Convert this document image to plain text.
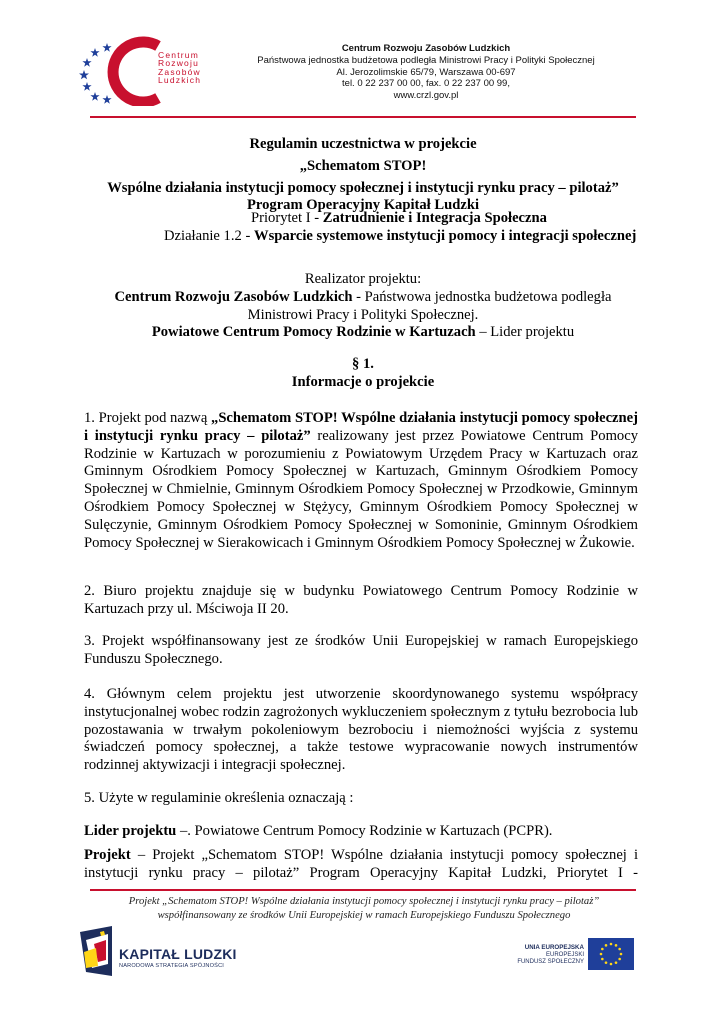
Centrum
Rozwoju
Zasobów
Ludzkich
Centrum Rozwoju Zasobów Ludzkich
Państwowa jednostka budżetowa podległa Ministrowi Pracy i Polityki Społecznej
Al. Jerozolimskie 65/79, Warszawa 00-697
tel. 0 22 237 00 00, fax. 0 22 237 00 99,
www.crzl.gov.pl
Regulamin uczestnictwa w projekcie
„Schematom STOP!
Wspólne działania instytucji pomocy społecznej i instytucji rynku pracy – pilotaż”
Program Operacyjny Kapitał Ludzki
Priorytet I - Zatrudnienie i Integracja Społeczna
Działanie 1.2 - Wsparcie systemowe instytucji pomocy i integracji społecznej
Realizator projektu:
Centrum Rozwoju Zasobów Ludzkich - Państwowa jednostka budżetowa podległa
Ministrowi Pracy i Polityki Społecznej.
Powiatowe Centrum Pomocy Rodzinie w Kartuzach – Lider projektu
§ 1.
Informacje o projekcie
1. Projekt pod nazwą „Schematom STOP! Wspólne działania instytucji pomocy społecznej i instytucji rynku pracy – pilotaż” realizowany jest przez Powiatowe Centrum Pomocy Rodzinie w Kartuzach w porozumieniu z Powiatowym Urzędem Pracy w Kartuzach oraz Gminnym Ośrodkiem Pomocy Społecznej w Kartuzach, Gminnym Ośrodkiem Pomocy Społecznej w Chmielnie, Gminnym Ośrodkiem Pomocy Społecznej w Przodkowie, Gminnym Ośrodkiem Pomocy Społecznej w Stężycy, Gminnym Ośrodkiem Pomocy Społecznej w Sulęczynie, Gminnym Ośrodkiem Pomocy Społecznej w Somoninie, Gminnym Ośrodkiem Pomocy Społecznej w Sierakowicach i Gminnym Ośrodkiem Pomocy Społecznej w Żukowie.
2. Biuro projektu znajduje się w budynku Powiatowego Centrum Pomocy Rodzinie w Kartuzach przy ul. Mściwoja II 20.
3. Projekt współfinansowany jest ze środków Unii Europejskiej w ramach Europejskiego Funduszu Społecznego.
4. Głównym celem projektu jest utworzenie skoordynowanego systemu współpracy instytucjonalnej wobec rodzin zagrożonych wykluczeniem społecznym z tytułu bezrobocia lub pozostawania w trwałym pokoleniowym bezrobociu i niemożności wyjścia z systemu świadczeń pomocy społecznej, a także testowe wypracowanie nowych instrumentów rodzinnej aktywizacji i integracji społecznej.
5. Użyte w regulaminie określenia oznaczają :
Lider projektu –. Powiatowe Centrum Pomocy Rodzinie w Kartuzach (PCPR).
Projekt – Projekt „Schematom STOP! Wspólne działania instytucji pomocy społecznej i
instytucji rynku pracy – pilotaż” Program Operacyjny Kapitał Ludzki, Priorytet I -
Projekt „Schematom STOP! Wspólne działania instytucji pomocy społecznej i instytucji rynku pracy – pilotaż”
współfinansowany ze środków Unii Europejskiej w ramach Europejskiego Funduszu Społecznego
KAPITAŁ LUDZKI
NARODOWA STRATEGIA SPÓJNOŚCI
UNIA EUROPEJSKA
EUROPEJSKI
FUNDUSZ SPOŁECZNY
